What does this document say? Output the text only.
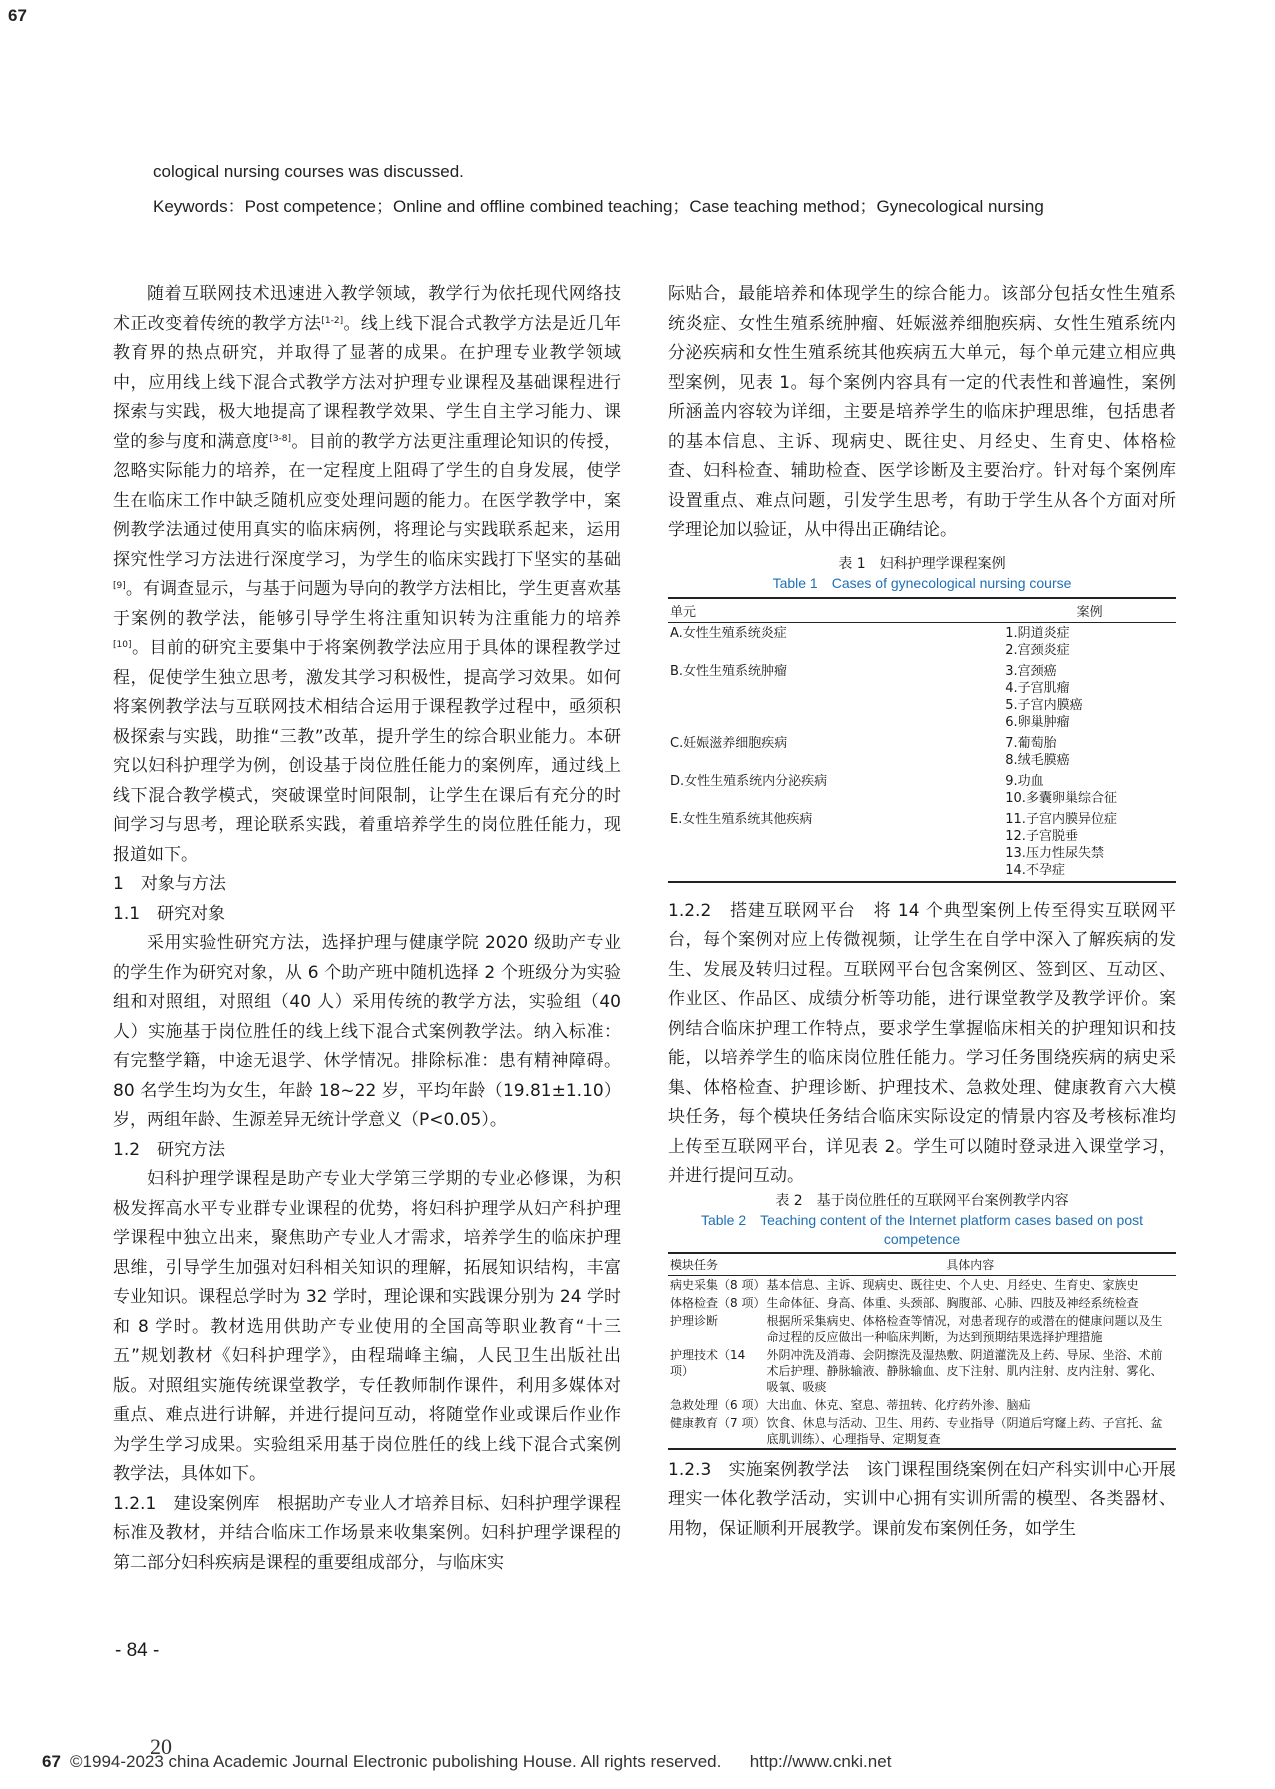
67
cological nursing courses was discussed.
Keywords：Post competence；Online and offline combined teaching；Case teaching method；Gynecological nursing

随着互联网技术迅速进入教学领域，教学行为依托现代网络技术正改变着传统的教学方法[1-2]。线上线下混合式教学方法是近几年教育界的热点研究，并取得了显著的成果。在护理专业教学领域中，应用线上线下混合式教学方法对护理专业课程及基础课程进行探索与实践，极大地提高了课程教学效果、学生自主学习能力、课堂的参与度和满意度[3-8]。目前的教学方法更注重理论知识的传授，忽略实际能力的培养，在一定程度上阻碍了学生的自身发展，使学生在临床工作中缺乏随机应变处理问题的能力。在医学教学中，案例教学法通过使用真实的临床病例，将理论与实践联系起来，运用探究性学习方法进行深度学习，为学生的临床实践打下坚实的基础[9]。有调查显示，与基于问题为导向的教学方法相比，学生更喜欢基于案例的教学法，能够引导学生将注重知识转为注重能力的培养[10]。目前的研究主要集中于将案例教学法应用于具体的课程教学过程，促使学生独立思考，激发其学习积极性，提高学习效果。如何将案例教学法与互联网技术相结合运用于课程教学过程中，亟须积极探索与实践，助推“三教”改革，提升学生的综合职业能力。本研究以妇科护理学为例，创设基于岗位胜任能力的案例库，通过线上线下混合教学模式，突破课堂时间限制，让学生在课后有充分的时间学习与思考，理论联系实践，着重培养学生的岗位胜任能力，现报道如下。

1　对象与方法

1.1　研究对象

采用实验性研究方法，选择护理与健康学院 2020 级助产专业的学生作为研究对象，从 6 个助产班中随机选择 2 个班级分为实验组和对照组，对照组（40 人）采用传统的教学方法，实验组（40 人）实施基于岗位胜任的线上线下混合式案例教学法。纳入标准：有完整学籍，中途无退学、休学情况。排除标准：患有精神障碍。80 名学生均为女生，年龄 18~22 岁，平均年龄（19.81±1.10）岁，两组年龄、生源差异无统计学意义（P<0.05）。

1.2　研究方法

妇科护理学课程是助产专业大学第三学期的专业必修课，为积极发挥高水平专业群专业课程的优势，将妇科护理学从妇产科护理学课程中独立出来，聚焦助产专业人才需求，培养学生的临床护理思维，引导学生加强对妇科相关知识的理解，拓展知识结构，丰富专业知识。课程总学时为 32 学时，理论课和实践课分别为 24 学时和 8 学时。教材选用供助产专业使用的全国高等职业教育“十三五”规划教材《妇科护理学》，由程瑞峰主编，人民卫生出版社出版。对照组实施传统课堂教学，专任教师制作课件，利用多媒体对重点、难点进行讲解，并进行提问互动，将随堂作业或课后作业作为学生学习成果。实验组采用基于岗位胜任的线上线下混合式案例教学法，具体如下。

1.2.1　建设案例库　 根据助产专业人才培养目标、妇科护理学课程标准及教材，并结合临床工作场景来收集案例。妇科护理学课程的第二部分妇科疾病是课程的重要组成部分，与临床实

际贴合，最能培养和体现学生的综合能力。该部分包括女性生殖系统炎症、女性生殖系统肿瘤、妊娠滋养细胞疾病、女性生殖系统内分泌疾病和女性生殖系统其他疾病五大单元，每个单元建立相应典型案例，见表 1。每个案例内容具有一定的代表性和普遍性，案例所涵盖内容较为详细，主要是培养学生的临床护理思维，包括患者的基本信息、主诉、现病史、既往史、月经史、生育史、体格检查、妇科检查、辅助检查、医学诊断及主要治疗。针对每个案例库设置重点、难点问题，引发学生思考，有助于学生从各个方面对所学理论加以验证，从中得出正确结论。

表 1　妇科护理学课程案例
Table 1　Cases of gynecological nursing course
单元	案例
A.女性生殖系统炎症	1.阴道炎症
2.宫颈炎症

B.女性生殖系统肿瘤	3.宫颈癌
4.子宫肌瘤
5.子宫内膜癌
6.卵巢肿瘤

C.妊娠滋养细胞疾病	7.葡萄胎
8.绒毛膜癌

D.女性生殖系统内分泌疾病	9.功血
10.多囊卵巢综合征

E.女性生殖系统其他疾病	11.子宫内膜异位症
12.子宫脱垂
13.压力性尿失禁
14.不孕症

1.2.2　搭建互联网平台　 将 14 个典型案例上传至得实互联网平台，每个案例对应上传微视频，让学生在自学中深入了解疾病的发生、发展及转归过程。互联网平台包含案例区、签到区、互动区、作业区、作品区、成绩分析等功能，进行课堂教学及教学评价。案例结合临床护理工作特点，要求学生掌握临床相关的护理知识和技能，以培养学生的临床岗位胜任能力。学习任务围绕疾病的病史采集、体格检查、护理诊断、护理技术、急救处理、健康教育六大模块任务，每个模块任务结合临床实际设定的情景内容及考核标准均上传至互联网平台，详见表 2。学生可以随时登录进入课堂学习，并进行提问互动。

表 2　基于岗位胜任的互联网平台案例教学内容
Table 2　Teaching content of the Internet platform cases based on post competence
模块任务	具体内容
病史采集（8 项）	基本信息、主诉、现病史、既往史、个人史、月经史、生育史、家族史
体格检查（8 项）	生命体征、身高、体重、头颈部、胸腹部、心肺、四肢及神经系统检查
护理诊断	根据所采集病史、体格检查等情况，对患者现存的或潜在的健康问题以及生命过程的反应做出一种临床判断，为达到预期结果选择护理措施
护理技术（14 项）	外阴冲洗及消毒、会阴擦洗及湿热敷、阴道灌洗及上药、导尿、坐浴、术前术后护理、静脉输液、静脉输血、皮下注射、肌内注射、皮内注射、雾化、吸氧、吸痰
急救处理（6 项）	大出血、休克、窒息、蒂扭转、化疗药外渗、脑疝
健康教育（7 项）	饮食、休息与活动、卫生、用药、专业指导（阴道后穹窿上药、子宫托、盆底肌训练）、心理指导、定期复查

1.2.3　实施案例教学法　 该门课程围绕案例在妇产科实训中心开展理实一体化教学活动，实训中心拥有实训所需的模型、各类器材、用物，保证顺利开展教学。课前发布案例任务，如学生

- 84 -
20
67 ©1994-2023 china Academic Journal Electronic pubolishing House. All rights reserved. http://www.cnki.net
